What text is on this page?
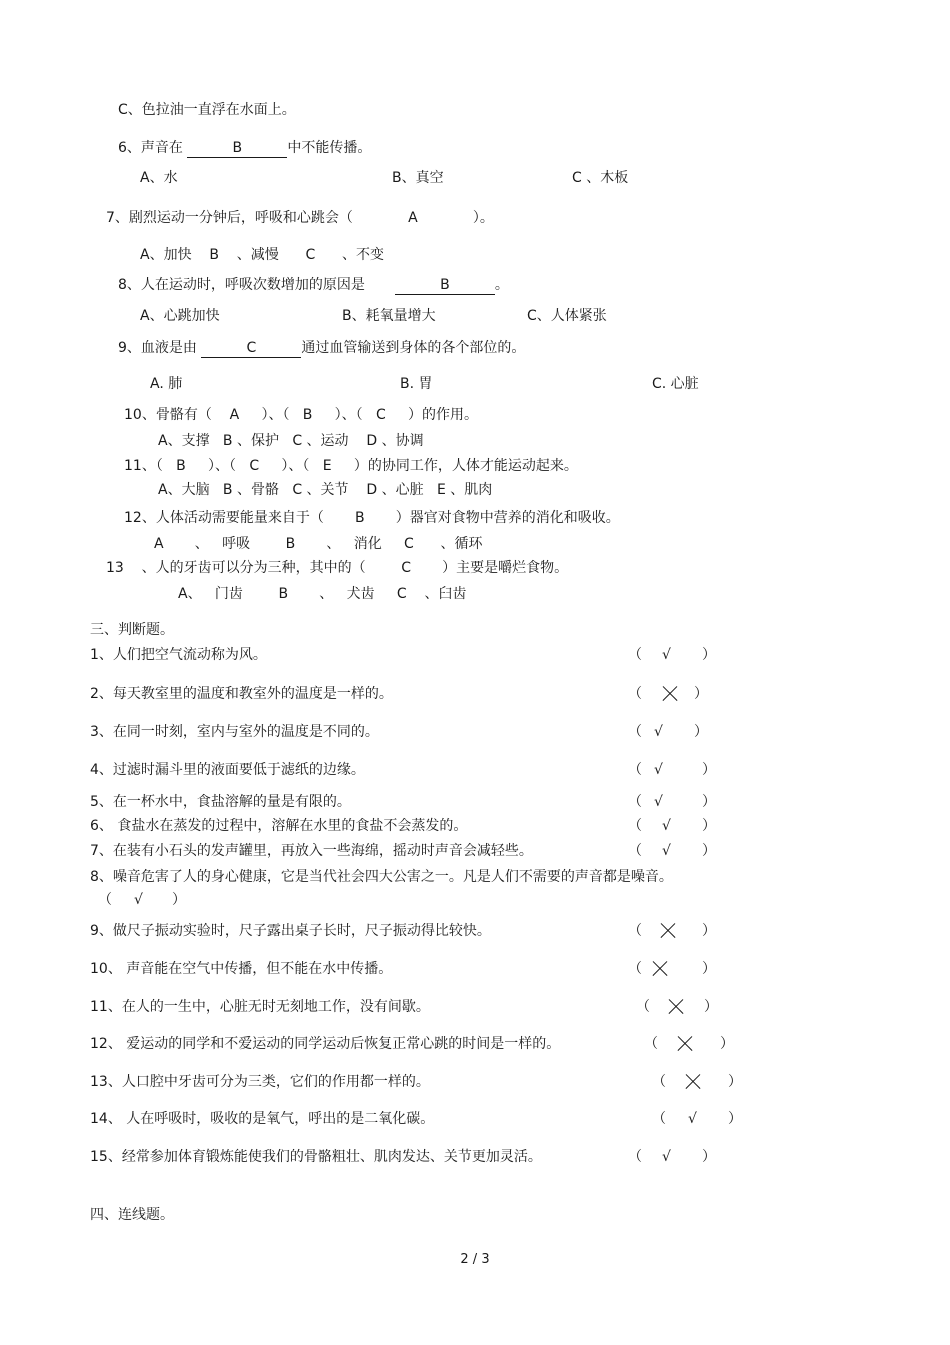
C、色拉油一直浮在水面上。
6、声音在	B	中不能传播。
A、水	B、真空	C 、木板
7、剧烈运动一分钟后，呼吸和心跳会（	A	）。
A、加快    B    、减慢      C      、不变
8、人在运动时，呼吸次数增加的原因是	B	。
A、心跳加快	B、耗氧量增大	C、人体紧张
9、血液是由	C	通过血管输送到身体的各个部位的。
A. 肺	B. 胃	C. 心脏
10、骨骼有（    A     ）、（   B     ）、（   C     ）的作用。
A、支撑   B 、保护   C 、运动    D 、协调
11、（   B     ）、（   C     ）、（   E     ）的协同工作，人体才能运动起来。
A、大脑   B 、骨骼   C 、关节    D 、心脏   E 、肌肉
12、人体活动需要能量来自于（       B       ）器官对食物中营养的消化和吸收。
A       、   呼吸        B       、   消化     C      、循环
13    、人的牙齿可以分为三种，其中的（        C       ）主要是嚼烂食物。
A、   门齿        B       、   犬齿     C    、臼齿
三、判断题。
1、人们把空气流动称为风。	（ √ ）
2、每天教室里的温度和教室外的温度是一样的。	（	）
3、在同一时刻，室内与室外的温度是不同的。	（ √ ）
4、过滤时漏斗里的液面要低于滤纸的边缘。	（ √	）
5、在一杯水中，食盐溶解的量是有限的。	（ √	）
6、 食盐水在蒸发的过程中，溶解在水里的食盐不会蒸发的。	（ √ ）
7、在装有小石头的发声罐里，再放入一些海绵，摇动时声音会减轻些。	（ √ ）
8、噪音危害了人的身心健康，它是当代社会四大公害之一。凡是人们不需要的声音都是噪音。
（ √ ）
9、做尺子振动实验时，尺子露出桌子长时，尺子振动得比较快。	（	）
10、 声音能在空气中传播，但不能在水中传播。	（	）
11、在人的一生中，心脏无时无刻地工作，没有间歇。	（	）
12、 爱运动的同学和不爱运动的同学运动后恢复正常心跳的时间是一样的。	（	）
13、人口腔中牙齿可分为三类，它们的作用都一样的。	（	）
14、 人在呼吸时，吸收的是氧气，呼出的是二氧化碳。	（ √ ）
15、经常参加体育锻炼能使我们的骨骼粗壮、肌肉发达、关节更加灵活。	（ √ ）
四、连线题。
2 / 3
